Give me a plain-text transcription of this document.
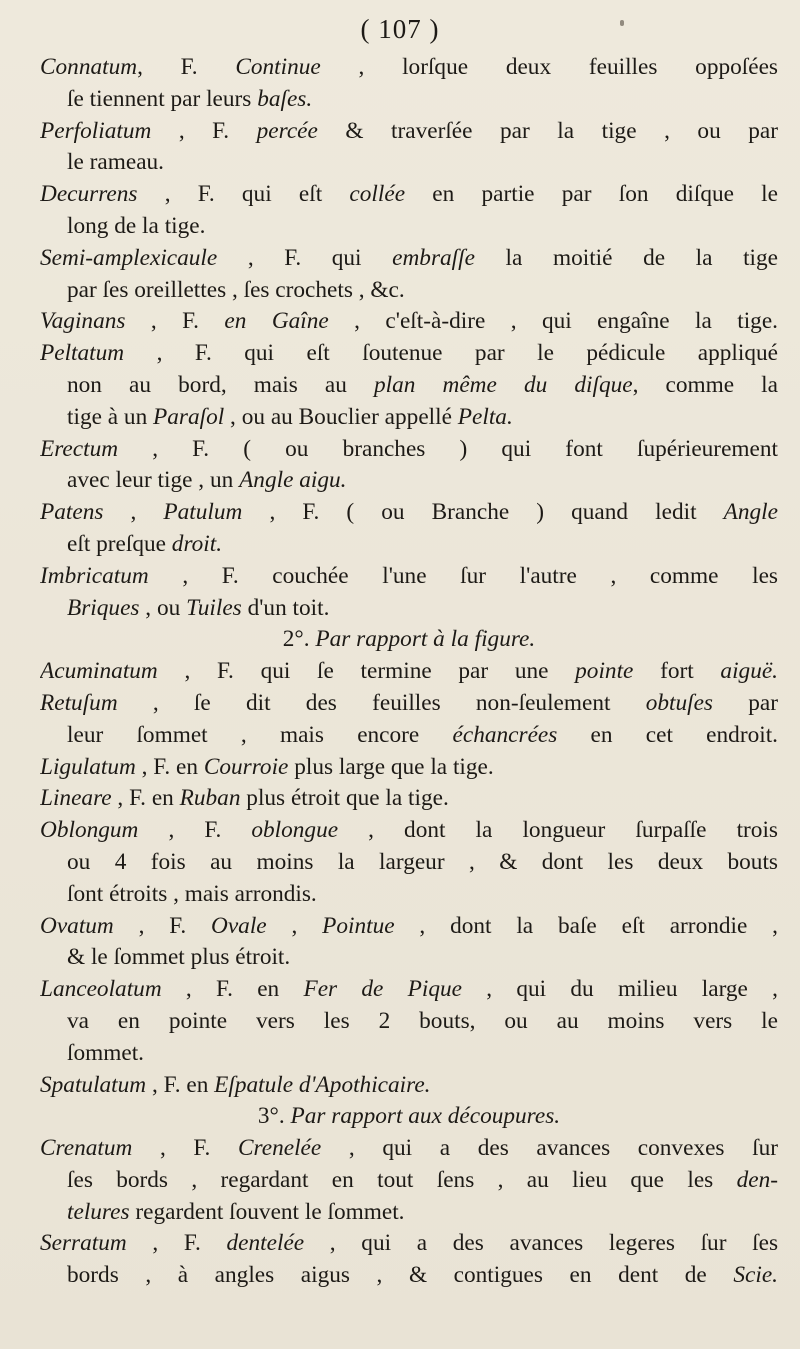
( 107 )
Connatum, F. Continue , lorſque deux feuilles oppoſées
ſe tiennent par leurs baſes.
Perfoliatum , F. percée & traverſée par la tige , ou par
le rameau.
Decurrens , F. qui eſt collée en partie par ſon diſque le
long de la tige.
Semi-amplexicaule , F. qui embraſſe la moitié de la tige
par ſes oreillettes , ſes crochets , &c.
Vaginans , F. en Gaîne , c'eſt-à-dire , qui engaîne la tige.
Peltatum , F. qui eſt ſoutenue par le pédicule appliqué
non au bord, mais au plan même du diſque, comme la
tige à un Paraſol , ou au Bouclier appellé Pelta.
Erectum , F. ( ou branches ) qui font ſupérieurement
avec leur tige , un Angle aigu.
Patens , Patulum , F. ( ou Branche ) quand ledit Angle
eſt preſque droit.
Imbricatum , F. couchée l'une ſur l'autre , comme les
Briques , ou Tuiles d'un toit.
2°. Par rapport à la figure.
Acuminatum , F. qui ſe termine par une pointe fort aiguë.
Retuſum , ſe dit des feuilles non-ſeulement obtuſes par
leur ſommet , mais encore échancrées en cet endroit.
Ligulatum , F. en Courroie plus large que la tige.
Lineare , F. en Ruban plus étroit que la tige.
Oblongum , F. oblongue , dont la longueur ſurpaſſe trois
ou 4 fois au moins la largeur , & dont les deux bouts
ſont étroits , mais arrondis.
Ovatum , F. Ovale , Pointue , dont la baſe eſt arrondie ,
& le ſommet plus étroit.
Lanceolatum , F. en Fer de Pique , qui du milieu large ,
va en pointe vers les 2 bouts, ou au moins vers le
ſommet.
Spatulatum , F. en Eſpatule d'Apothicaire.
3°. Par rapport aux découpures.
Crenatum , F. Crenelée , qui a des avances convexes ſur
ſes bords , regardant en tout ſens , au lieu que les den-
telures regardent ſouvent le ſommet.
Serratum , F. dentelée , qui a des avances legeres ſur ſes
bords , à angles aigus , & contigues en dent de Scie.
